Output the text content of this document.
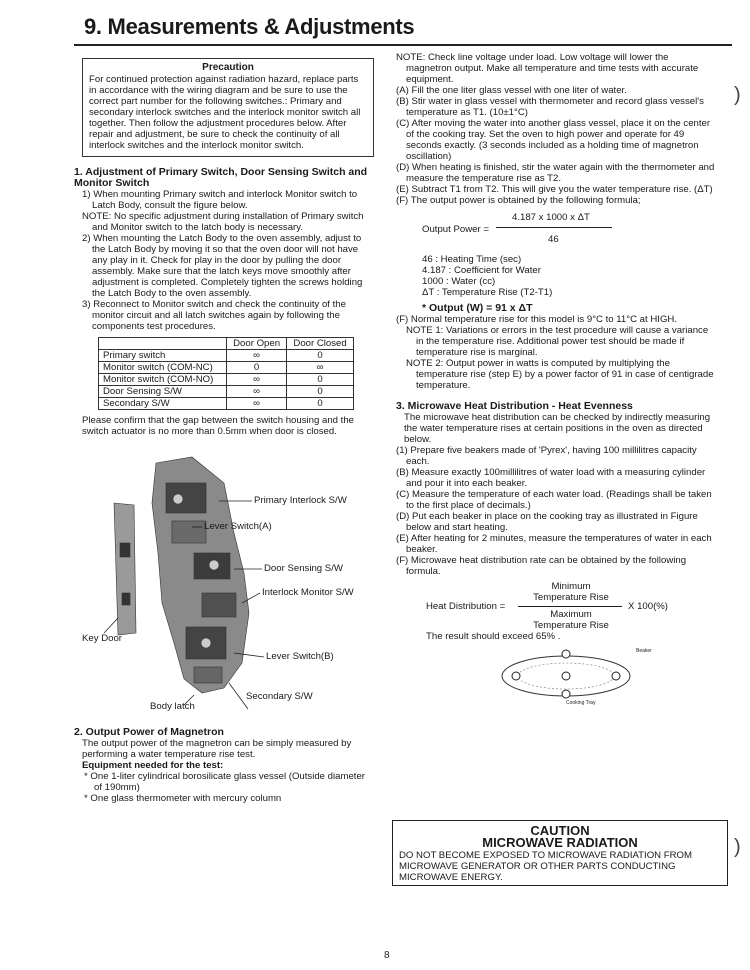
9. Measurements & Adjustments
Precaution

For continued protection against radiation hazard, replace parts in accordance with the wiring diagram and be sure to use the correct part number for the following switches.: Primary and secondary interlock switches and the interlock monitor switch all together. Then follow the adjustment procedures below. After repair and adjustment, be sure to check the continuity of all interlock switches and the interlock monitor switch.

1. Adjustment of Primary Switch, Door Sensing Switch and Monitor Switch

1) When mounting Primary switch and interlock Monitor switch to Latch Body, consult the figure below.

NOTE: No specific adjustment during installation of Primary switch and Monitor switch to the latch body is necessary.

2) When mounting the Latch Body to the oven assembly, adjust to the Latch Body by moving it so that the oven door will not have any play in it. Check for play in the door by pulling the door assembly. Make sure that the latch keys move smoothly after adjustment is completed. Completely tighten the screws holding the Latch Body to the oven assembly.

3) Reconnect to Monitor switch and check the continuity of the monitor circuit and all latch switches again by following the components test procedures.

	Door Open	Door Closed
Primary switch	∞	0
Monitor switch (COM-NC)	0	∞
Monitor switch (COM-NO)	∞	0
Door Sensing S/W	∞	0
Secondary S/W	∞	0

Please confirm that the gap between the switch housing and the switch actuator is no more than 0.5mm when door is closed.

Primary Interlock S/W
Lever Switch(A)
Door Sensing S/W
Interlock Monitor S/W
Lever Switch(B)
Key Door
Secondary S/W
Body latch
2. Output Power of Magnetron

The output power of the magnetron can be simply measured by performing a water temperature rise test.

Equipment needed for the test:

* One 1-liter cylindrical borosilicate glass vessel (Outside diameter of 190mm)

* One glass thermometer with mercury column

NOTE: Check line voltage under load. Low voltage will lower the magnetron output. Make all temperature and time tests with accurate equipment.

(A) Fill the one liter glass vessel with one liter of water.

(B) Stir water in glass vessel with thermometer and record glass vessel's temperature as T1. (10±1°C)

(C) After moving the water into another glass vessel, place it on the center of the cooking tray. Set the oven to high power and operate for 49 seconds exactly. (3 seconds included as a holding time of magnetron oscillation)

(D) When heating is finished, stir the water again with the thermometer and measure the temperature rise as T2.

(E) Subtract T1 from T2. This will give you the water temperature rise. (ΔT)

(F) The output power is obtained by the following formula;

Output Power =
4.187 x 1000 x ΔT
46

46 : Heating Time (sec)

4.187 : Coefficient for Water

1000 : Water (cc)

ΔT : Temperature Rise (T2-T1)

* Output (W) = 91 x ΔT

(F) Normal temperature rise for this model is 9°C to 11°C at HIGH.

NOTE 1: Variations or errors in the test procedure will cause a variance in the temperature rise. Additional power test should be made if temperature rise is marginal.

NOTE 2: Output power in watts is computed by multiplying the temperature rise (step E) by a power factor of 91 in case of centigrade temperature.

3. Microwave Heat Distribution - Heat Evenness

The microwave heat distribution can be checked by indirectly measuring the water temperature rises at certain positions in the oven as directed below.

(1) Prepare five beakers made of 'Pyrex', having 100 millilitres capacity each.

(B) Measure exactly 100millilitres of water load with a measuring cylinder and pour it into each beaker.

(C) Measure the temperature of each water load. (Readings shall be taken to the first place of decimals.)

(D) Put each beaker in place on the cooking tray as illustrated in Figure below and start heating.

(E) After heating for 2 minutes, measure the temperatures of water in each beaker.

(F) Microwave heat distribution rate can be obtained by the following formula.

Heat Distribution =
Minimum Temperature Rise
X 100(%)
Maximum Temperature Rise

The result should exceed 65% .

Beaker
Cooking Tray
CAUTION
MICROWAVE RADIATION
DO NOT BECOME EXPOSED TO MICROWAVE RADIATION FROM MICROWAVE GENERATOR OR OTHER PARTS CONDUCTING MICROWAVE ENERGY.
)
)
8
